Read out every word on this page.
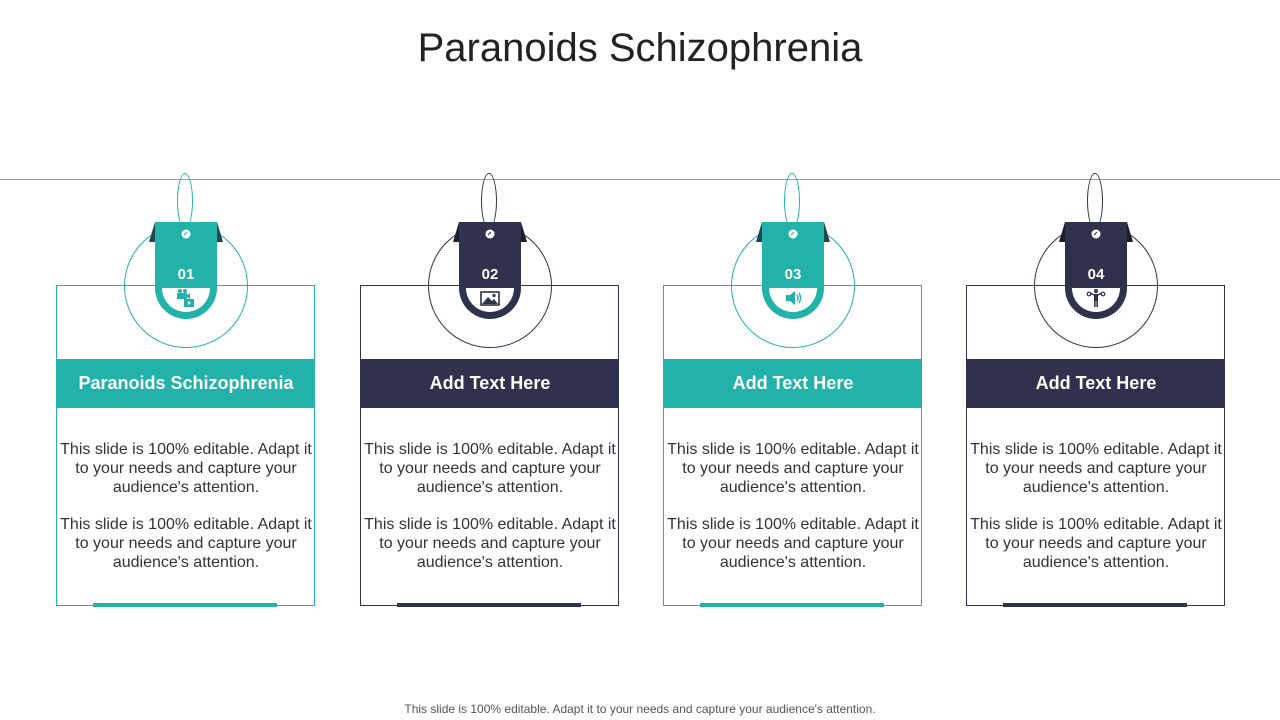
Paranoids Schizophrenia
01
Paranoids Schizophrenia
This slide is 100% editable. Adapt it to your needs and capture your audience's attention.
This slide is 100% editable. Adapt it to your needs and capture your audience's attention.
02
Add Text Here
This slide is 100% editable. Adapt it to your needs and capture your audience's attention.
This slide is 100% editable. Adapt it to your needs and capture your audience's attention.
03
Add Text Here
This slide is 100% editable. Adapt it to your needs and capture your audience's attention.
This slide is 100% editable. Adapt it to your needs and capture your audience's attention.
04
Add Text Here
This slide is 100% editable. Adapt it to your needs and capture your audience's attention.
This slide is 100% editable. Adapt it to your needs and capture your audience's attention.
This slide is 100% editable. Adapt it to your needs and capture your audience's attention.
